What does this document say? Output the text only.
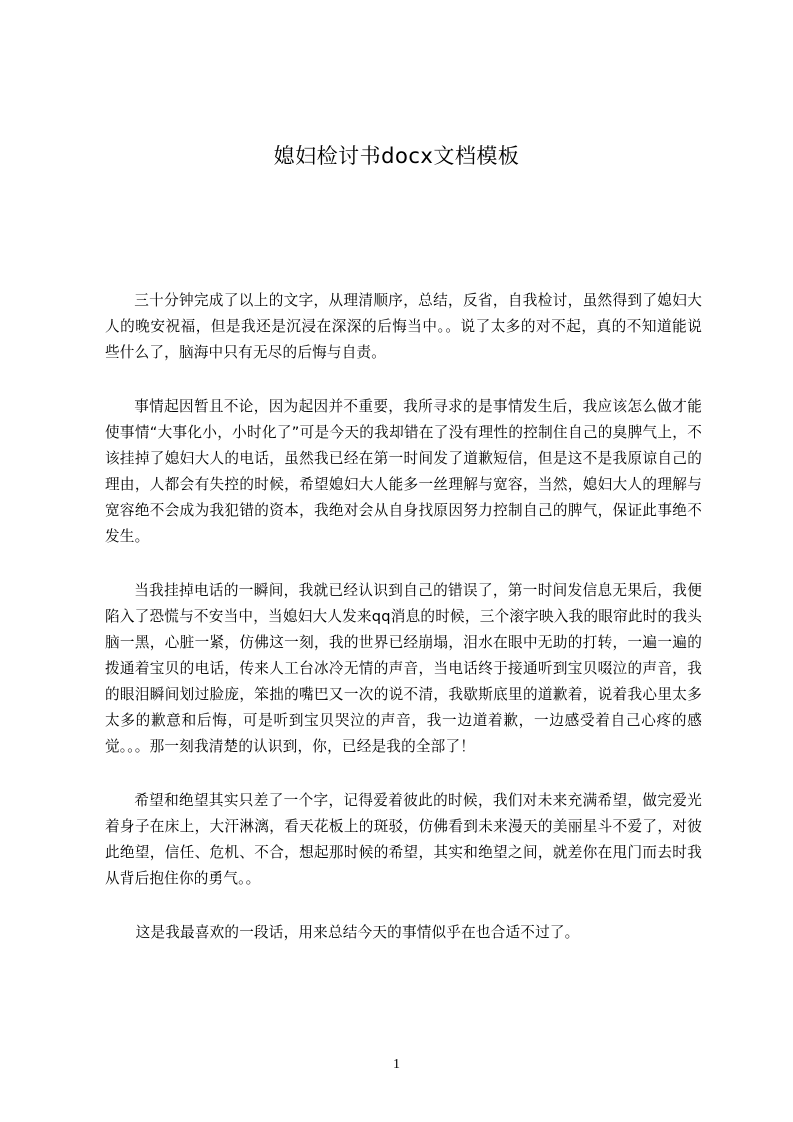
媳妇检讨书docx文档模板

三十分钟完成了以上的文字，从理清顺序，总结，反省，自我检讨，虽然得到了媳妇大人的晚安祝福，但是我还是沉浸在深深的后悔当中。。说了太多的对不起，真的不知道能说些什么了，脑海中只有无尽的后悔与自责。

事情起因暂且不论，因为起因并不重要，我所寻求的是事情发生后，我应该怎么做才能使事情“大事化小，小时化了”可是今天的我却错在了没有理性的控制住自己的臭脾气上，不该挂掉了媳妇大人的电话，虽然我已经在第一时间发了道歉短信，但是这不是我原谅自己的理由，人都会有失控的时候，希望媳妇大人能多一丝理解与宽容，当然，媳妇大人的理解与宽容绝不会成为我犯错的资本，我绝对会从自身找原因努力控制自己的脾气，保证此事绝不发生。

当我挂掉电话的一瞬间，我就已经认识到自己的错误了，第一时间发信息无果后，我便陷入了恐慌与不安当中，当媳妇大人发来qq消息的时候，三个滚字映入我的眼帘此时的我头脑一黑，心脏一紧，仿佛这一刻，我的世界已经崩塌，泪水在眼中无助的打转，一遍一遍的拨通着宝贝的电话，传来人工台冰冷无情的声音，当电话终于接通听到宝贝啜泣的声音，我的眼泪瞬间划过脸庞，笨拙的嘴巴又一次的说不清，我歇斯底里的道歉着，说着我心里太多太多的歉意和后悔，可是听到宝贝哭泣的声音，我一边道着歉，一边感受着自己心疼的感觉。。。那一刻我清楚的认识到，你，已经是我的全部了！

希望和绝望其实只差了一个字，记得爱着彼此的时候，我们对未来充满希望，做完爱光着身子在床上，大汗淋漓，看天花板上的斑驳，仿佛看到未来漫天的美丽星斗不爱了，对彼此绝望，信任、危机、不合，想起那时候的希望，其实和绝望之间，就差你在甩门而去时我从背后抱住你的勇气。。

这是我最喜欢的一段话，用来总结今天的事情似乎在也合适不过了。

1
